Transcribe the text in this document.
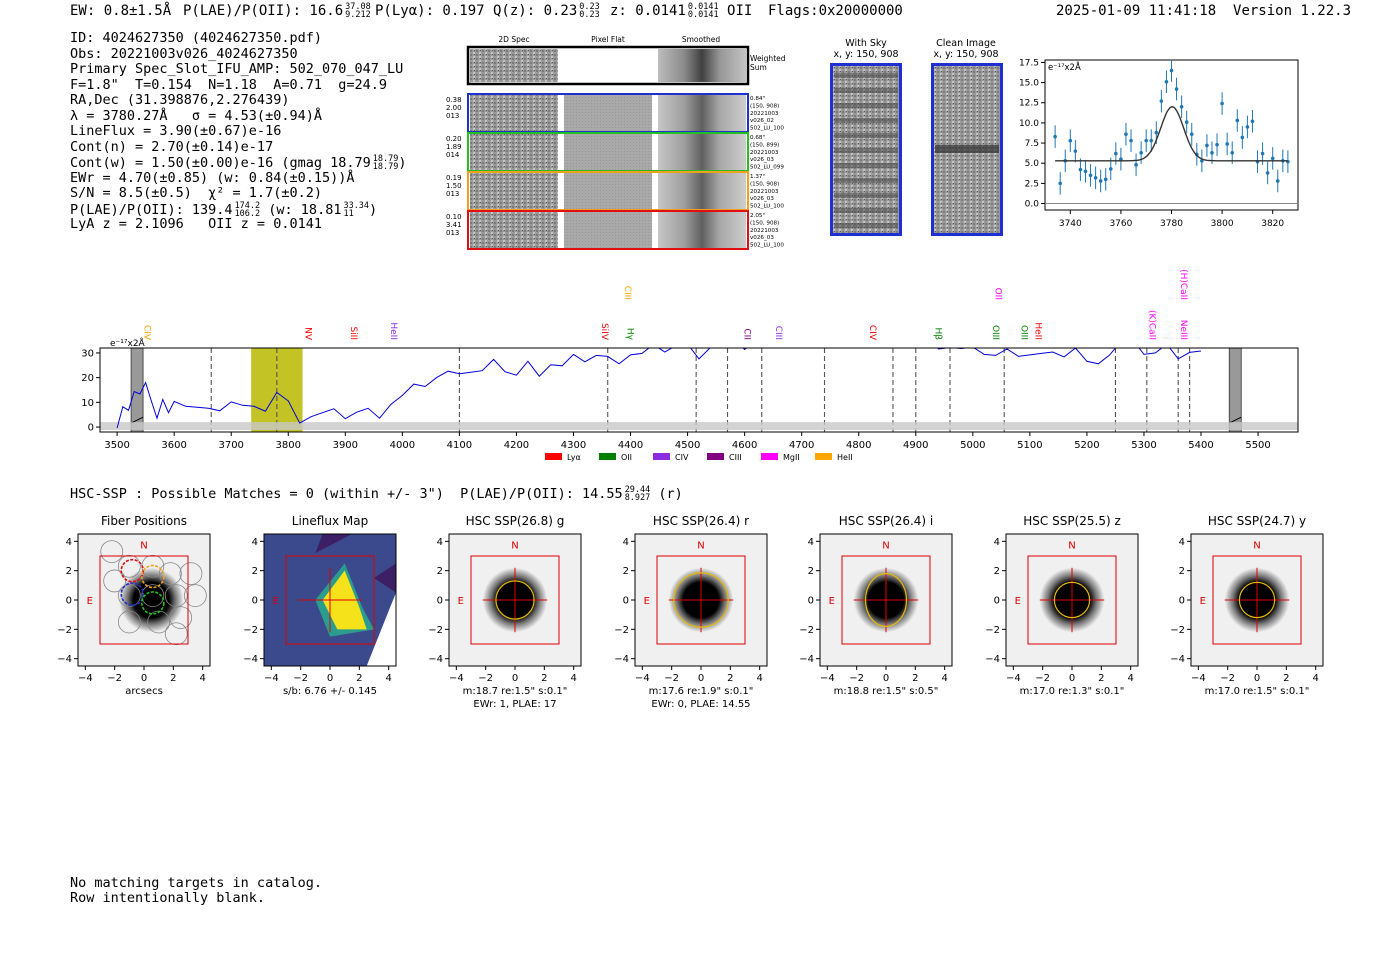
EW: 0.8±1.5Å P(LAE)/P(OII): 16.6 37.08
9.212 P(Lyα): 0.197 Q(z): 0.23 0.23
0.23 z: 0.0141 0.0141
0.0141 OII Flags:0x20000000	2025-01-09 11:41:18 Version 1.22.3
ID: 4024627350 (4024627350.pdf)
Obs: 20221003v026_4024627350
Primary Spec_Slot_IFU_AMP: 502_070_047_LU
F=1.8"  T=0.154  N=1.18  A=0.71  g=24.9
RA,Dec (31.398876,2.276439)
λ = 3780.27Å   σ = 4.53(±0.94)Å
LineFlux = 3.90(±0.67)e-16
Cont(n) = 2.70(±0.14)e-17
Cont(w) = 1.50(±0.00)e-16 (gmag 18.79 18.79
18.79 )
EWr = 4.70(±0.85) (w: 0.84(±0.15))Å
S/N = 8.5(±0.5)  χ² = 1.7(±0.2)
P(LAE)/P(OII): 139.4 174.2
106.2 (w: 18.81 33.34
11	)
LyA z = 2.1096   OII z = 0.0141
2D Spec	Pixel Flat	Smoothed
Weighted
Sum
0.38
2.00
013
0.84"
(150, 908)
20221003
v026_02
502_LU_100
0.20
1.89
014
0.68"
(150, 899)
20221003
v026_03
502_LU_099
0.19
1.50
013
1.37"
(150, 908)
20221003
v026_03
502_LU_100
0.10
3.41
013
2.05"
(150, 908)
20221003
v026_03
502_LU_100
With Sky
x, y: 150, 908
Clean Image
x, y: 150, 908
0.0
2.5
5.0
7.5
10.0
12.5
15.0
17.5
3740	3760	3780	3800	3820
e⁻¹⁷x2Å
0
10
20
30
3500	3600	3700	3800	3900	4000	4100	4200	4300	4400	4500	4600	4700	4800	4900	5000	5100	5200	5300	5400	5500
e⁻¹⁷x2Å
CIV	NV	SiII	HeII	SiIV
CIII
Hγ	CII CIII	CIV	Hβ
OII
OIII OIII HeII	(K)CaII NeIII
(H)CaII
Lyα	OII	CIV	CIII	MgII	HeII
HSC-SSP : Possible Matches = 0 (within +/- 3")  P(LAE)/P(OII): 14.55 29.44
8.927 (r)
Fiber Positions
N
E
−4
−4
−2
−2
0
0
2
2
4
4
arcsecs
Lineflux Map
E
−4
−4
−2
−2
0
0
2
2
4
4
s/b: 6.76 +/- 0.145
HSC SSP(26.8) g
N
E
−4
−4
−2
−2
0
0
2
2
4
4
m:18.7 re:1.5" s:0.1"
EWr: 1, PLAE: 17
HSC SSP(26.4) r
N
E
−4
−4
−2
−2
0
0
2
2
4
4
m:17.6 re:1.9" s:0.1"
EWr: 0, PLAE: 14.55
HSC SSP(26.4) i
N
E
−4
−4
−2
−2
0
0
2
2
4
4
m:18.8 re:1.5" s:0.5"
HSC SSP(25.5) z
N
E
−4
−4
−2
−2
0
0
2
2
4
4
m:17.0 re:1.3" s:0.1"
HSC SSP(24.7) y
N
E
−4
−4
−2
−2
0
0
2
2
4
4
m:17.0 re:1.5" s:0.1"
No matching targets in catalog.
Row intentionally blank.
